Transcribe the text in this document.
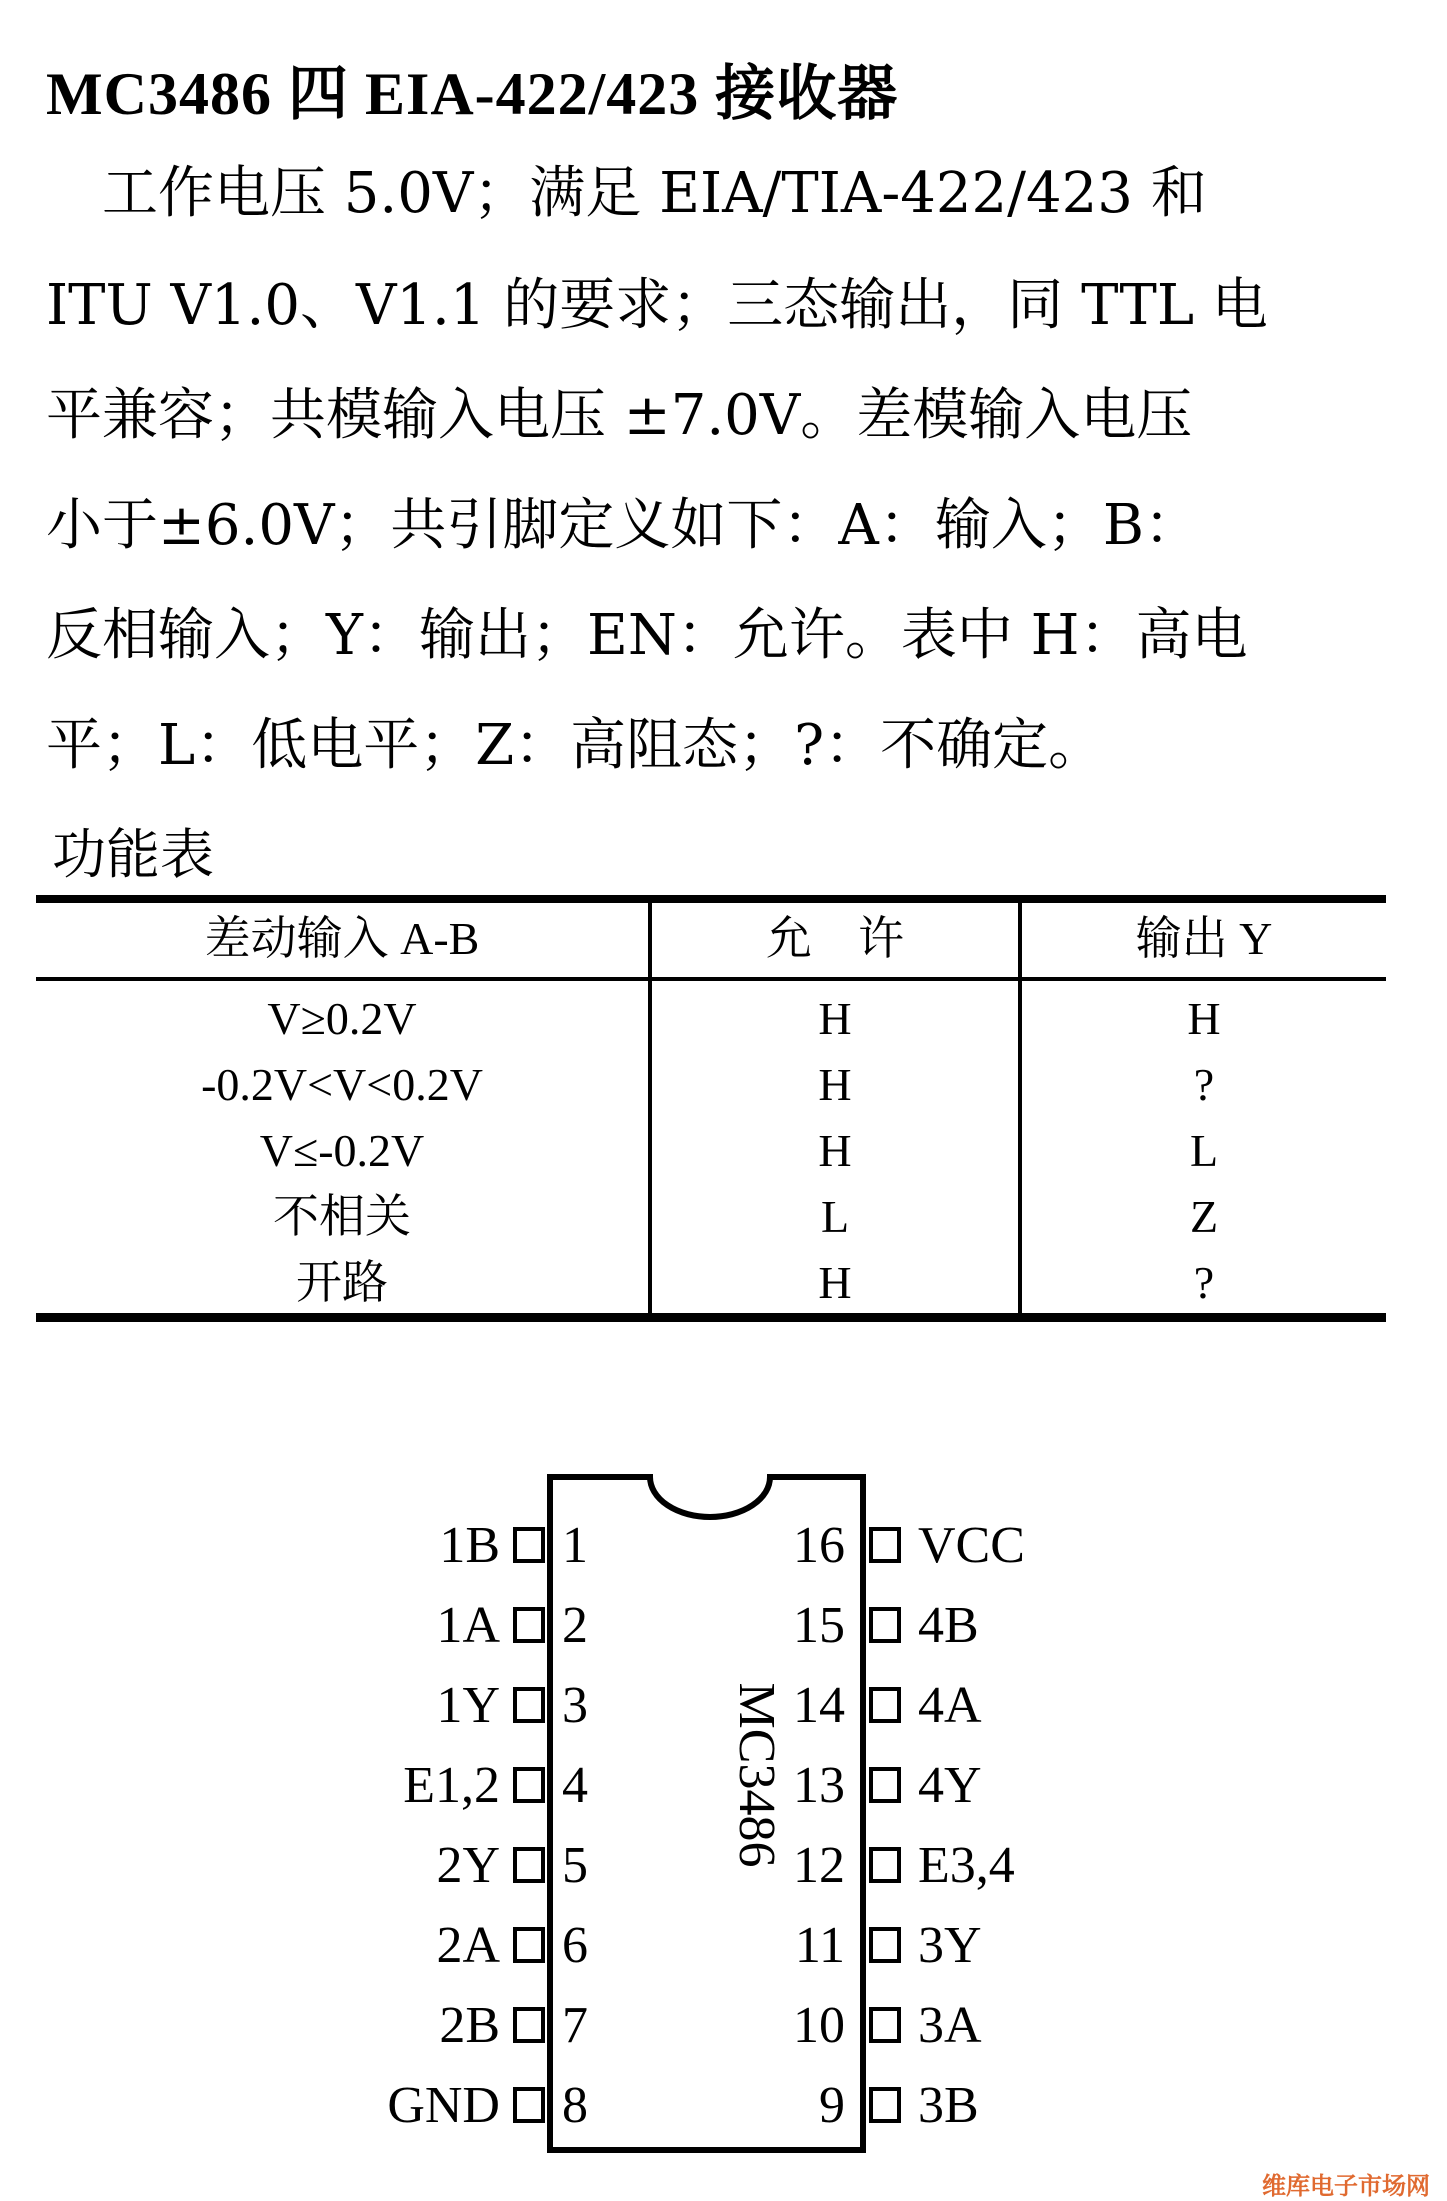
MC3486 四 EIA-422/423 接收器
　工作电压 5.0V；满足 EIA/TIA-422/423 和
ITU V1.0、V1.1 的要求；三态输出，同 TTL 电
平兼容；共模输入电压 ±7.0V。差模输入电压
小于±6.0V；共引脚定义如下：A：输入；B：
反相输入；Y：输出；EN：允许。表中 H：高电
平；L：低电平；Z：高阻态；?：不确定。
功能表
差动输入 A-B	允　许	输出 Y
V≥0.2V	H	H
-0.2V<V<0.2V	H	?
V≤-0.2V	H	L
不相关	L	Z
开路	H	?
MC3486
1B 1
1A 2
1Y 3
E1,2 4
2Y 5
2A 6
2B 7
GND 8
16 VCC
15 4B
14 4A
13 4Y
12 E3,4
11 3Y
10 3A
9 3B
维库电子市场网
